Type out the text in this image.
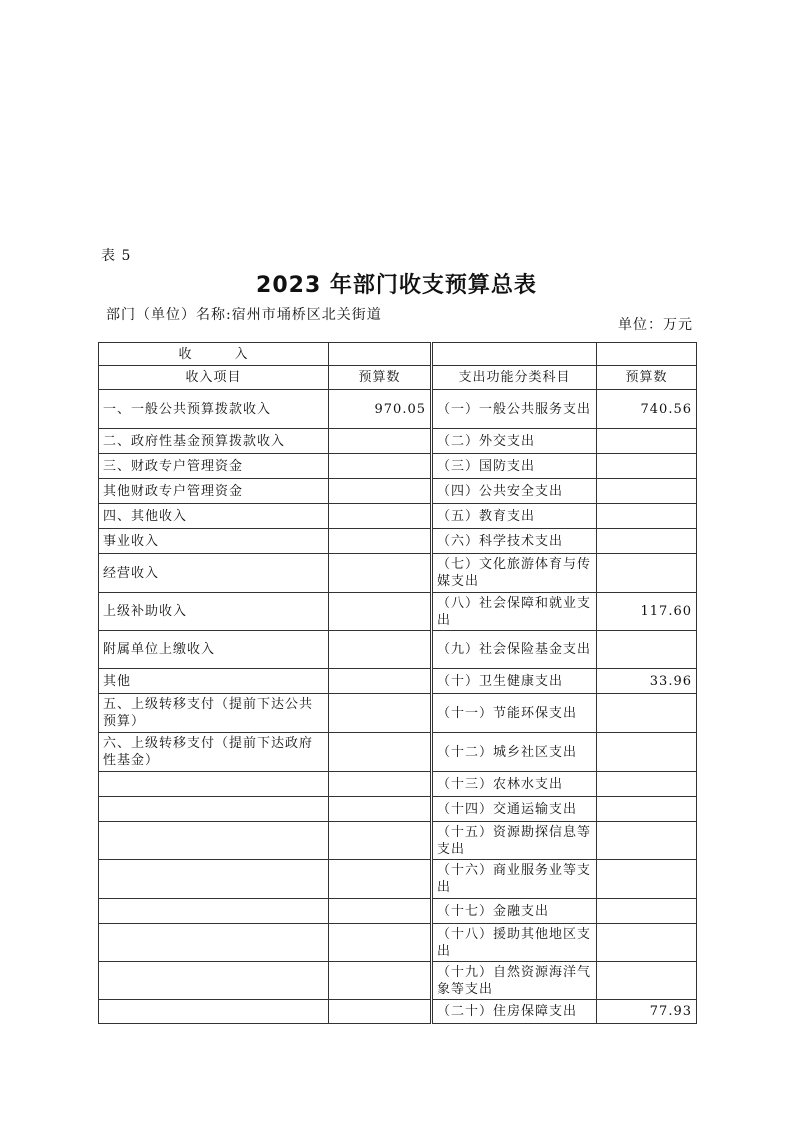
表 5
2023 年部门收支预算总表
部门（单位）名称:宿州市埇桥区北关街道
单位：万元
收　　　入				
收入项目	预算数		支出功能分类科目	预算数
一、一般公共预算拨款收入	970.05		（一）一般公共服务支出	740.56
二、政府性基金预算拨款收入			（二）外交支出	
三、财政专户管理资金			（三）国防支出	
其他财政专户管理资金			（四）公共安全支出	
四、其他收入			（五）教育支出	
事业收入			（六）科学技术支出	
经营收入			（七）文化旅游体育与传媒支出	
上级补助收入			（八）社会保障和就业支出	117.60
附属单位上缴收入			（九）社会保险基金支出	
其他			（十）卫生健康支出	33.96
五、上级转移支付（提前下达公共预算）			（十一）节能环保支出	
六、上级转移支付（提前下达政府性基金）			（十二）城乡社区支出	
			（十三）农林水支出	
			（十四）交通运输支出	
			（十五）资源勘探信息等支出	
			（十六）商业服务业等支出	
			（十七）金融支出	
			（十八）援助其他地区支出	
			（十九）自然资源海洋气象等支出	
			（二十）住房保障支出	77.93
